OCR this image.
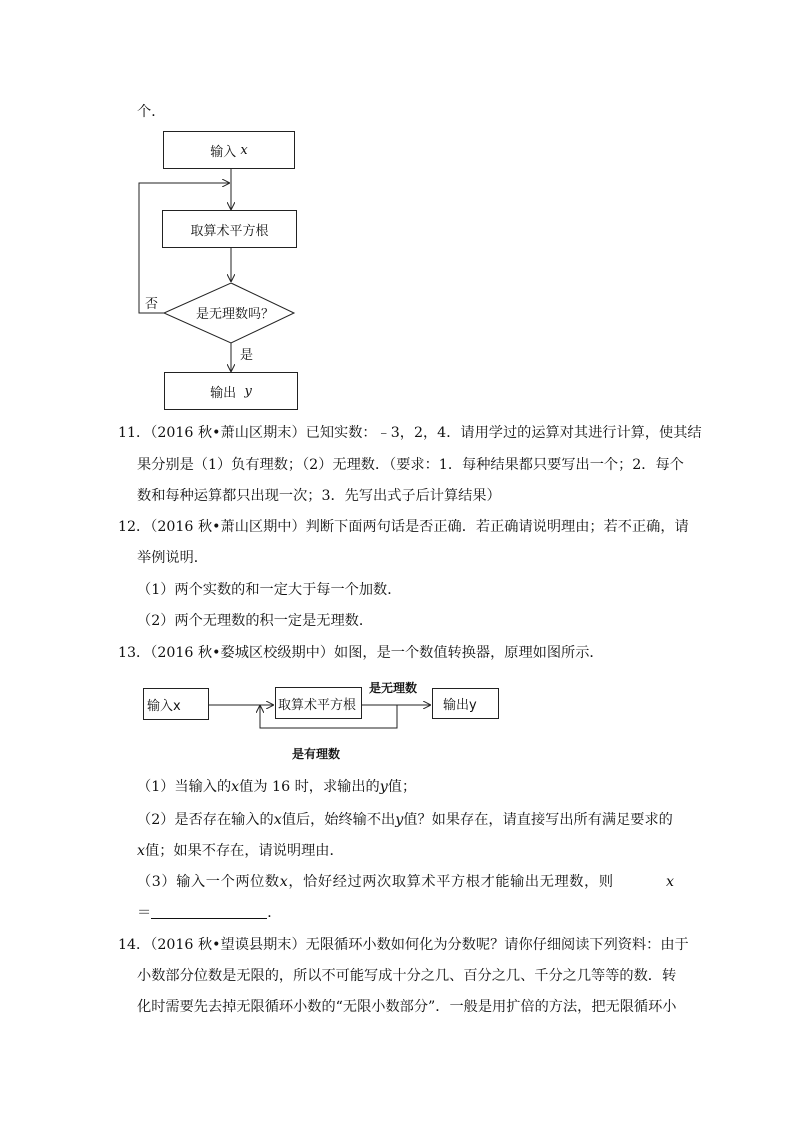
个．
输入
x
取算术平方根
是无理数吗？
否
是
输出
y
11．（2016 秋•萧山区期末）已知实数：﹣3，2，4．请用学过的运算对其进行计算，使其结
果分别是（1）负有理数；（2）无理数．（要求：1．每种结果都只要写出一个；2．每个
数和每种运算都只出现一次；3．先写出式子后计算结果）
12．（2016 秋•萧山区期中）判断下面两句话是否正确．若正确请说明理由；若不正确，请
举例说明．
（1）两个实数的和一定大于每一个加数．
（2）两个无理数的积一定是无理数．
13．（2016 秋•婺城区校级期中）如图，是一个数值转换器，原理如图所示．
输入x	取算术平方根	输出y
是无理数
是有理数
（1）当输入的x值为 16 时，求输出的y值；
（2）是否存在输入的x值后，始终输不出y值？如果存在，请直接写出所有满足要求的
x值；如果不存在，请说明理由．
（3）输入一个两位数x，恰好经过两次取算术平方根才能输出无理数，则	x
＝	．
14．（2016 秋•望谟县期末）无限循环小数如何化为分数呢？请你仔细阅读下列资料：由于
小数部分位数是无限的，所以不可能写成十分之几、百分之几、千分之几等等的数．转
化时需要先去掉无限循环小数的“无限小数部分”．一般是用扩倍的方法，把无限循环小
